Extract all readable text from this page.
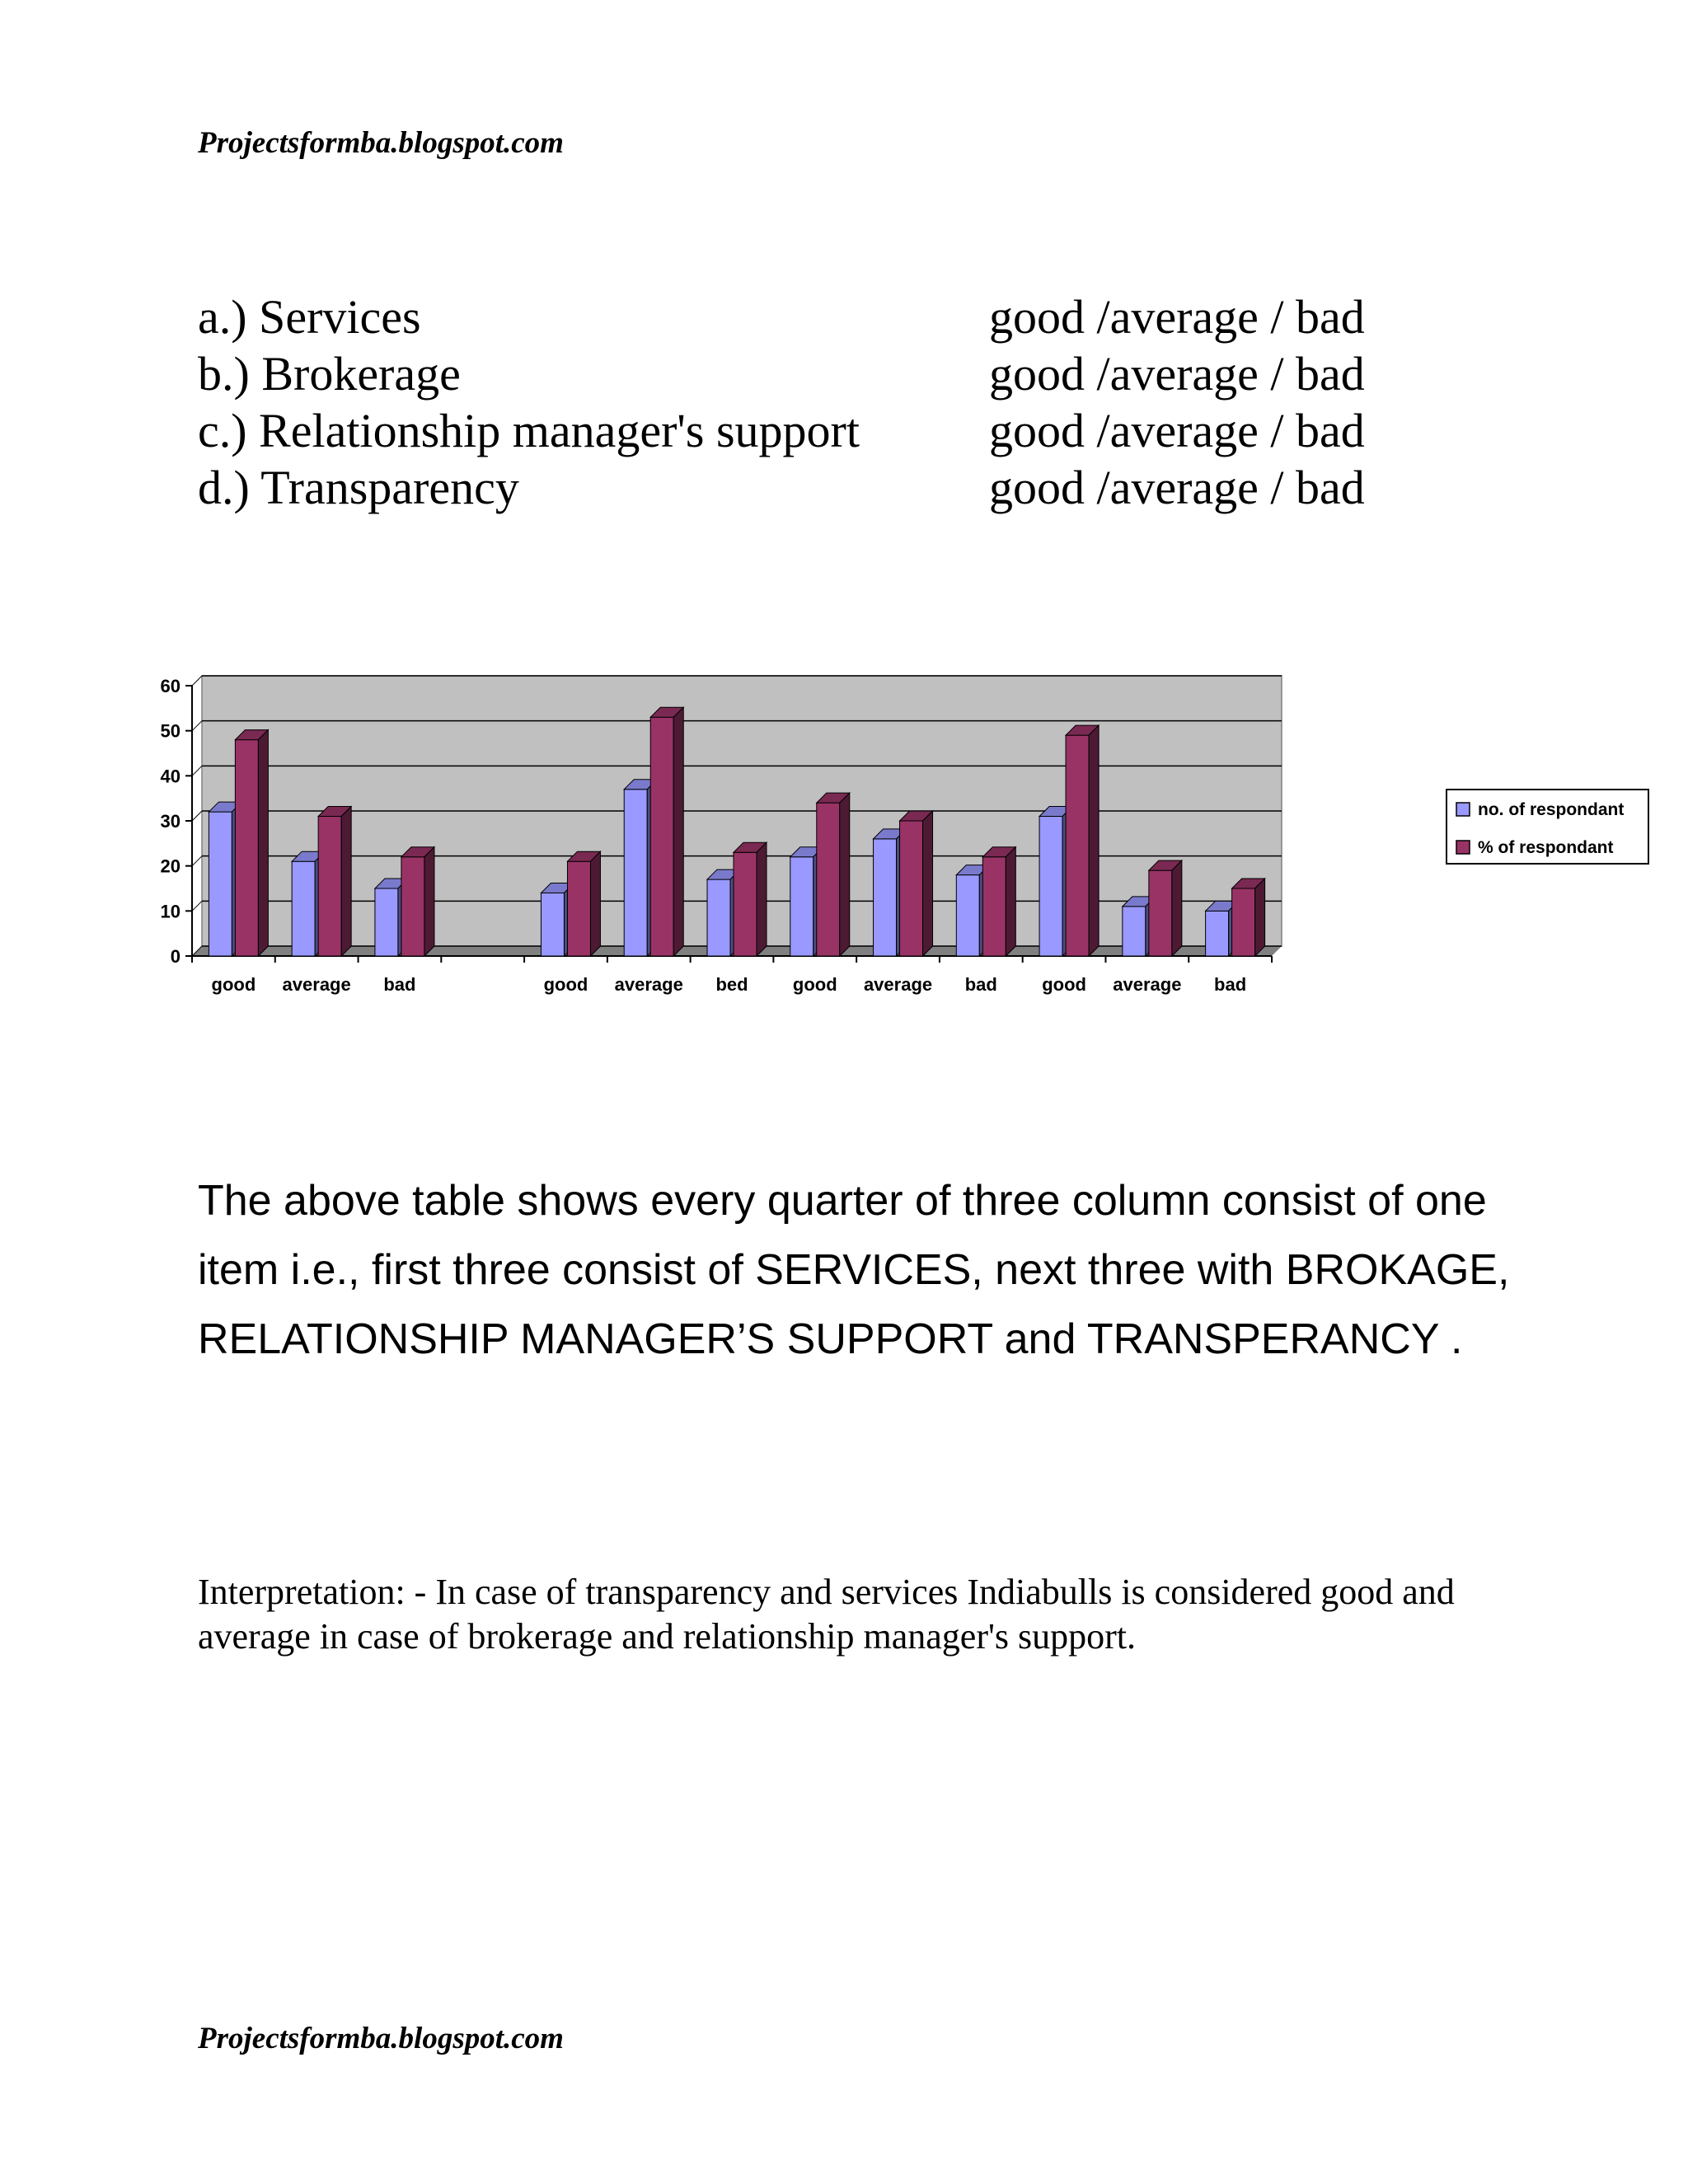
Projectsformba.blogspot.com
a.) Services	good /average / bad
b.) Brokerage	good /average / bad
c.) Relationship manager's support	good /average / bad
d.) Transparency	good /average / bad
0
10
20
30
40
50
60
good average bad	good average bed good average bad good average bad
no. of respondant
% of respondant
The above table shows every quarter of three column consist of one item i.e., first three consist of SERVICES, next three with BROKAGE, RELATIONSHIP MANAGER’S SUPPORT and TRANSPERANCY .
Interpretation: - In case of transparency and services Indiabulls is considered good and average in case of brokerage and relationship manager's support.
Projectsformba.blogspot.com
